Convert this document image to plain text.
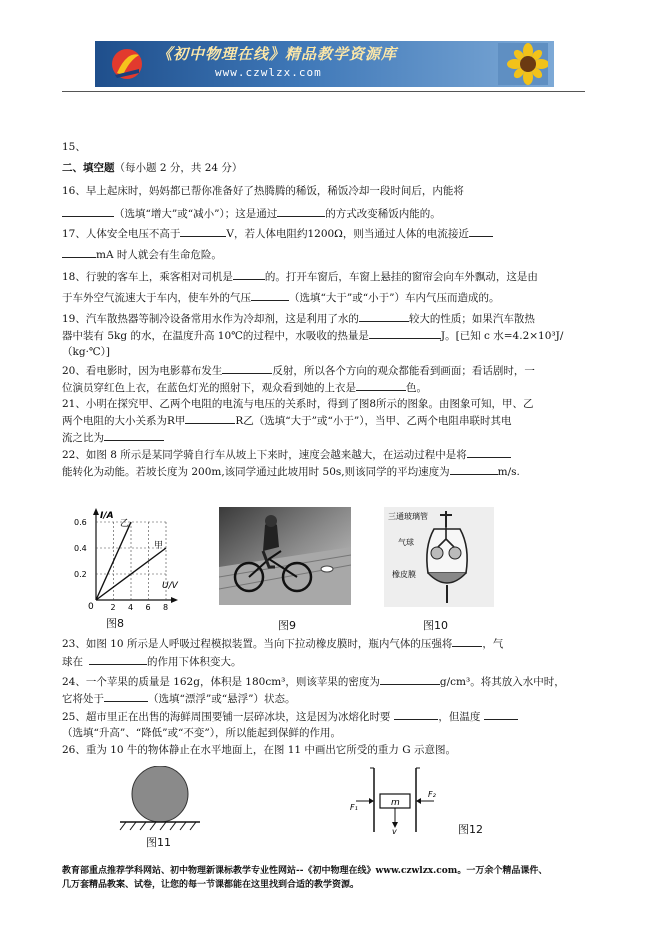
《初中物理在线》精品教学资源库
www.czwlzx.com
15、
二、填空题（每小题 2 分，共 24 分）
16、早上起床时，妈妈都已帮你准备好了热腾腾的稀饭，稀饭冷却一段时间后，内能将
（选填“增大”或“减小”）；这是通过	的方式改变稀饭内能的。
17、人体安全电压不高于	V，若人体电阻约1200Ω，则当通过人体的电流接近
mA 时人就会有生命危险。
18、行驶的客车上，乘客相对司机是	的。打开车窗后，车窗上悬挂的窗帘会向车外飘动，这是由
于车外空气流速大于车内，使车外的气压	（选填“大于”或“小于”）车内气压而造成的。
19、汽车散热器等制冷设备常用水作为冷却剂，这是利用了水的	较大的性质；如果汽车散热
器中装有 5kg 的水，在温度升高 10℃的过程中，水吸收的热量是	J。[已知 c 水=4.2×10³J/
（kg·℃）]
20、看电影时，因为电影幕布发生	反射，所以各个方向的观众都能看到画面；看话剧时，一
位演员穿红色上衣，在蓝色灯光的照射下，观众看到她的上衣是	色。
21、小明在探究甲、乙两个电阻的电流与电压的关系时，得到了图8所示的图象。由图象可知，甲、乙
两个电阻的大小关系为R甲	R乙（选填“大于”或“小于”），当甲、乙两个电阻串联时其电
流之比为
22、如图 8 所示是某同学骑自行车从坡上下来时，速度会越来越大，在运动过程中是将
能转化为动能。若坡长度为 200m,该同学通过此坡用时 50s,则该同学的平均速度为	m/s.
0.2
0.4
0.6
2 4 6 8
I/A
U/V
0
乙
甲
图8	图9
三通玻璃管
气球
橡皮膜
图10
23、如图 10 所示是人呼吸过程模拟装置。当向下拉动橡皮膜时，瓶内气体的压强将	，气
球在	的作用下体积变大。
24、一个苹果的质量是 162g，体积是 180cm³，则该苹果的密度为	g/cm³。将其放入水中时，
它将处于	（选填“漂浮”或“悬浮”）状态。
25、超市里正在出售的海鲜周围要铺一层碎冰块，这是因为冰熔化时要	，但温度
（选填“升高”、“降低”或“不变”），所以能起到保鲜的作用。
26、重为 10 牛的物体静止在水平地面上，在图 11 中画出它所受的重力 G 示意图。
图11
m
F₁
F₂
v	图12
教育部重点推荐学科网站、初中物理新课标教学专业性网站--《初中物理在线》www.czwlzx.com。一万余个精品课件、
几万套精品教案、试卷，让您的每一节课都能在这里找到合适的教学资源。
